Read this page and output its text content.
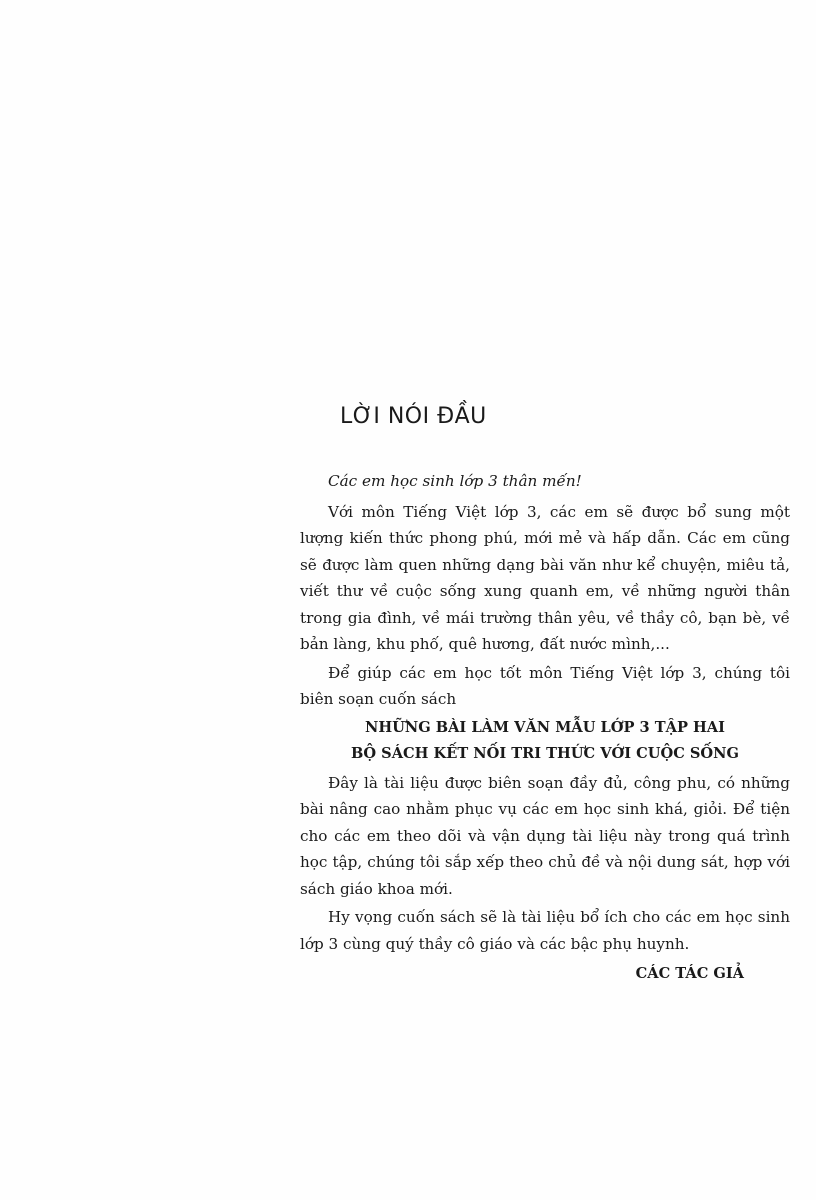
LỜI NÓI ĐẦU

Các em học sinh lớp 3 thân mến!

Với môn Tiếng Việt lớp 3, các em sẽ được bổ sung một lượng kiến thức phong phú, mới mẻ và hấp dẫn. Các em cũng sẽ được làm quen những dạng bài văn như kể chuyện, miêu tả, viết thư về cuộc sống xung quanh em, về những người thân trong gia đình, về mái trường thân yêu, về thầy cô, bạn bè, về bản làng, khu phố, quê hương, đất nước mình,...

Để giúp các em học tốt môn Tiếng Việt lớp 3, chúng tôi biên soạn cuốn sách

NHỮNG BÀI LÀM VĂN MẪU LỚP 3 TẬP HAI

BỘ SÁCH KẾT NỐI TRI THỨC VỚI CUỘC SỐNG

Đây là tài liệu được biên soạn đầy đủ, công phu, có những bài nâng cao nhằm phục vụ các em học sinh khá, giỏi. Để tiện cho các em theo dõi và vận dụng tài liệu này trong quá trình học tập, chúng tôi sắp xếp theo chủ đề và nội dung sát, hợp với sách giáo khoa mới.

Hy vọng cuốn sách sẽ là tài liệu bổ ích cho các em học sinh lớp 3 cùng quý thầy cô giáo và các bậc phụ huynh.

CÁC TÁC GIẢ
